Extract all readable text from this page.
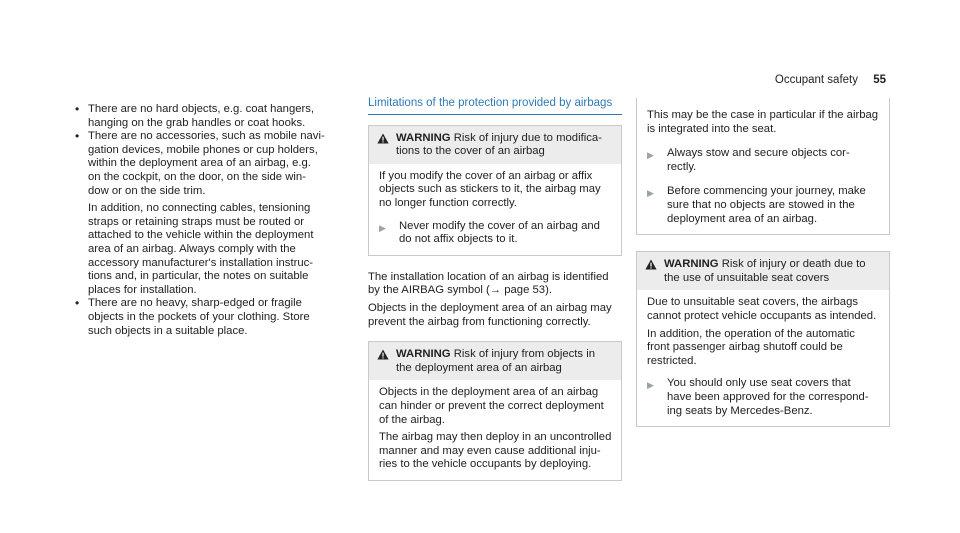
Occupant safety 55
• There are no hard objects, e.g. coat hangers,
hanging on the grab handles or coat hooks.
• There are no accessories, such as mobile navi-
gation devices, mobile phones or cup holders,
within the deployment area of an airbag, e.g.
on the cockpit, on the door, on the side win-
dow or on the side trim.
In addition, no connecting cables, tensioning
straps or retaining straps must be routed or
attached to the vehicle within the deployment
area of an airbag. Always comply with the
accessory manufacturer's installation instruc-
tions and, in particular, the notes on suitable
places for installation.
• There are no heavy, sharp-edged or fragile
objects in the pockets of your clothing. Store
such objects in a suitable place.
Limitations of the protection provided by airbags
WARNING Risk of injury due to modifica-
tions to the cover of an airbag
If you modify the cover of an airbag or affix
objects such as stickers to it, the airbag may
no longer function correctly.
▶	Never modify the cover of an airbag and
do not affix objects to it.
The installation location of an airbag is identified
by the AIRBAG symbol (→ page 53).
Objects in the deployment area of an airbag may
prevent the airbag from functioning correctly.
WARNING Risk of injury from objects in
the deployment area of an airbag
Objects in the deployment area of an airbag
can hinder or prevent the correct deployment
of the airbag.
The airbag may then deploy in an uncontrolled
manner and may even cause additional inju-
ries to the vehicle occupants by deploying.
This may be the case in particular if the airbag
is integrated into the seat.
▶	Always stow and secure objects cor-
rectly.
▶	Before commencing your journey, make
sure that no objects are stowed in the
deployment area of an airbag.
WARNING Risk of injury or death due to
the use of unsuitable seat covers
Due to unsuitable seat covers, the airbags
cannot protect vehicle occupants as intended.
In addition, the operation of the automatic
front passenger airbag shutoff could be
restricted.
▶	You should only use seat covers that
have been approved for the correspond-
ing seats by Mercedes-Benz.
